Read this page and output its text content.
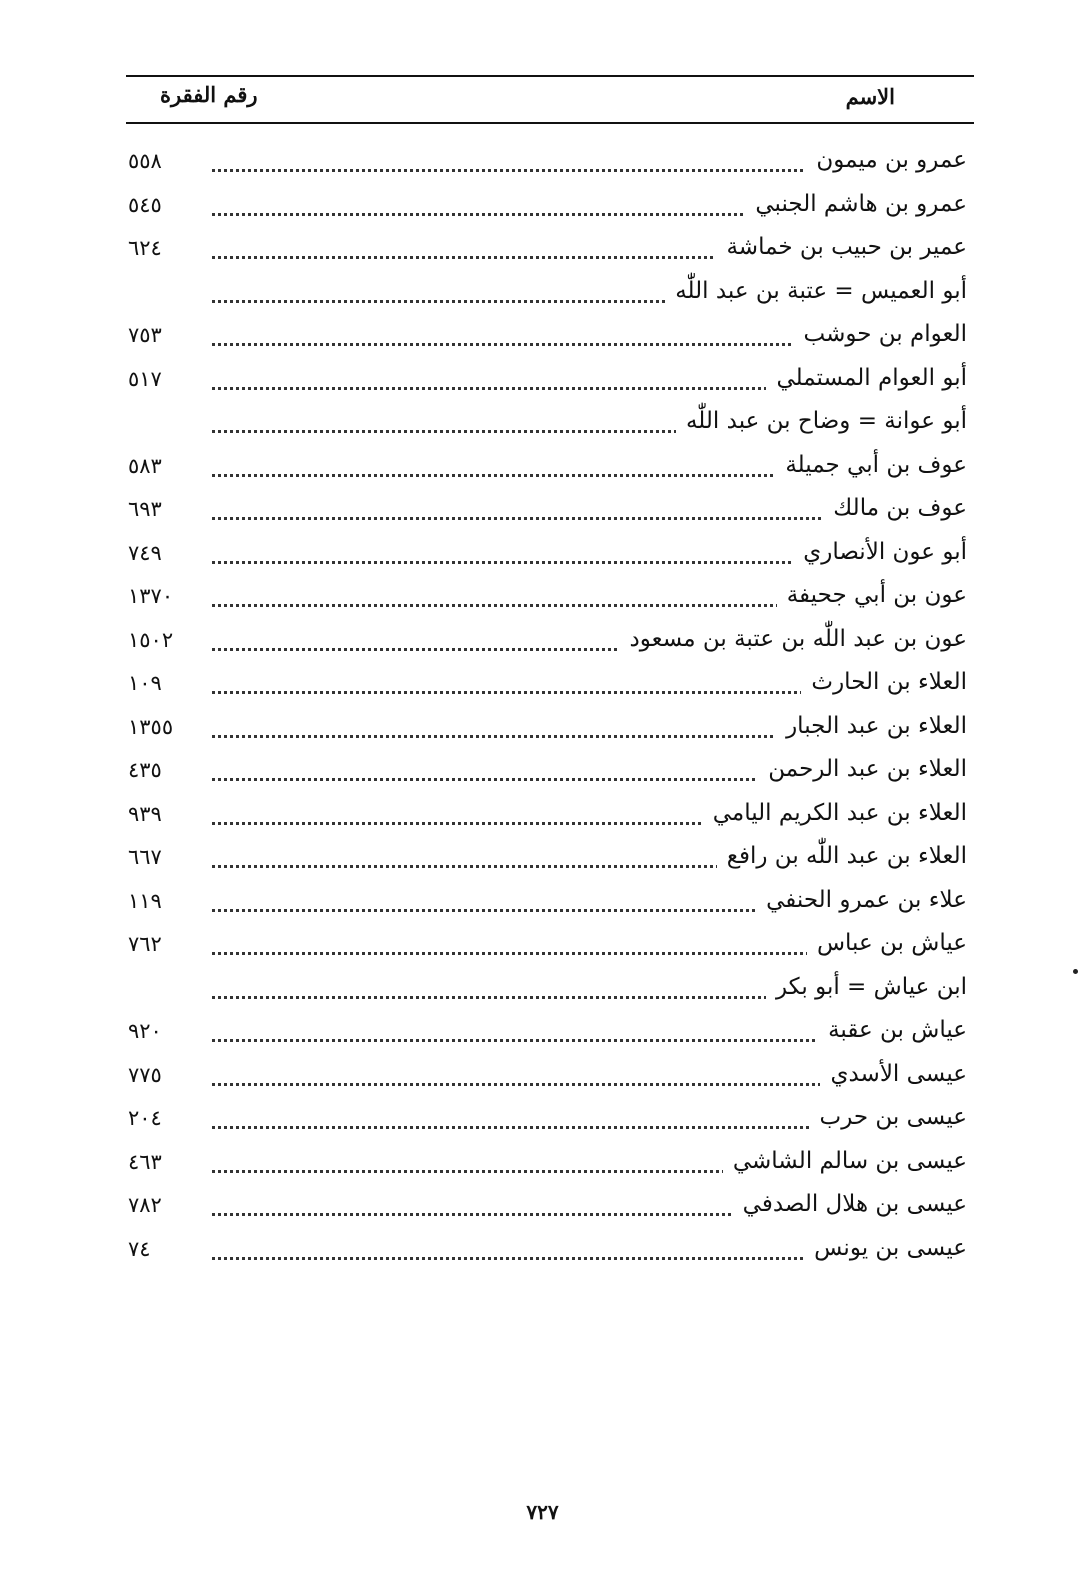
الاسم
رقم الفقرة
عمرو بن ميمون
٥٥٨
عمرو بن هاشم الجنبي
٥٤٥
عمير بن حبيب بن خماشة
٦٢٤
أبو العميس = عتبة بن عبد اللّٰه
العوام بن حوشب
٧٥٣
أبو العوام المستملي
٥١٧
أبو عوانة = وضاح بن عبد اللّٰه
عوف بن أبي جميلة
٥٨٣
عوف بن مالك
٦٩٣
أبو عون الأنصاري
٧٤٩
عون بن أبي جحيفة
١٣٧٠
عون بن عبد اللّٰه بن عتبة بن مسعود
١٥٠٢
العلاء بن الحارث
١٠٩
العلاء بن عبد الجبار
١٣٥٥
العلاء بن عبد الرحمن
٤٣٥
العلاء بن عبد الكريم اليامي
٩٣٩
العلاء بن عبد اللّٰه بن رافع
٦٦٧
علاء بن عمرو الحنفي
١١٩
عياش بن عباس
٧٦٢
ابن عياش = أبو بكر
عياش بن عقبة
٩٢٠
عيسى الأسدي
٧٧٥
عيسى بن حرب
٢٠٤
عيسى بن سالم الشاشي
٤٦٣
عيسى بن هلال الصدفي
٧٨٢
عيسى بن يونس
٧٤
٧٢٧
